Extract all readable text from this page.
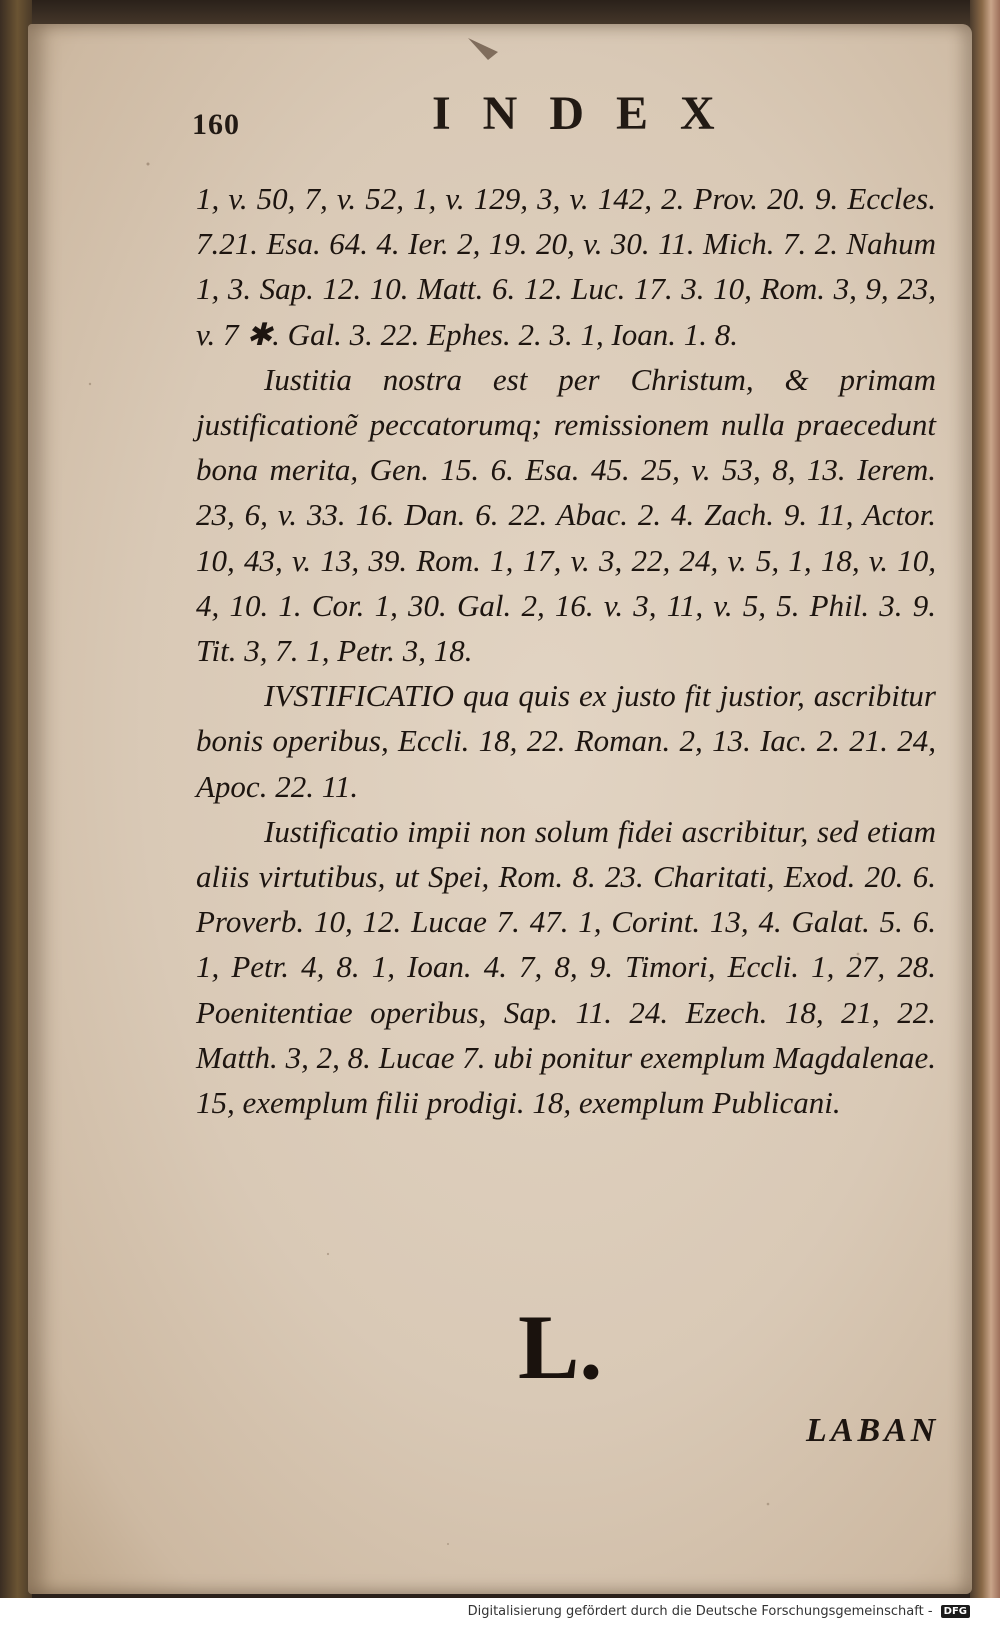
160	INDEX

1, v. 50, 7, v. 52, 1, v. 129, 3, v. 142, 2. Prov. 20. 9. Eccles. 7.21. Esa. 64. 4. Ier. 2, 19. 20, v. 30. 11. Mich. 7. 2. Nahum 1, 3. Sap. 12. 10. Matt. 6. 12. Luc. 17. 3. 10, Rom. 3, 9, 23, v. 7 ✱. Gal. 3. 22. Ephes. 2. 3. 1, Ioan. 1. 8.

Iustitia nostra est per Christum, & primam justificationẽ peccatorumq; remissionem nulla praecedunt bona merita, Gen. 15. 6. Esa. 45. 25, v. 53, 8, 13. Ierem. 23, 6, v. 33. 16. Dan. 6. 22. Abac. 2. 4. Zach. 9. 11, Actor. 10, 43, v. 13, 39. Rom. 1, 17, v. 3, 22, 24, v. 5, 1, 18, v. 10, 4, 10. 1. Cor. 1, 30. Gal. 2, 16. v. 3, 11, v. 5, 5. Phil. 3. 9. Tit. 3, 7. 1, Petr. 3, 18.

IVSTIFICATIO qua quis ex justo fit justior, ascribitur bonis operibus, Eccli. 18, 22. Roman. 2, 13. Iac. 2. 21. 24, Apoc. 22. 11.

Iustificatio impii non solum fidei ascribitur, sed etiam aliis virtutibus, ut Spei, Rom. 8. 23. Charitati, Exod. 20. 6. Proverb. 10, 12. Lucae 7. 47. 1, Corint. 13, 4. Galat. 5. 6. 1, Petr. 4, 8. 1, Ioan. 4. 7, 8, 9. Timori, Eccli. 1, 27, 28. Poenitentiae operibus, Sap. 11. 24. Ezech. 18, 21, 22. Matth. 3, 2, 8. Lucae 7. ubi ponitur exemplum Magdalenae. 15, exemplum filii prodigi. 18, exemplum Publicani.

L.
LABAN
Digitalisierung gefördert durch die Deutsche Forschungsgemeinschaft - DFG
